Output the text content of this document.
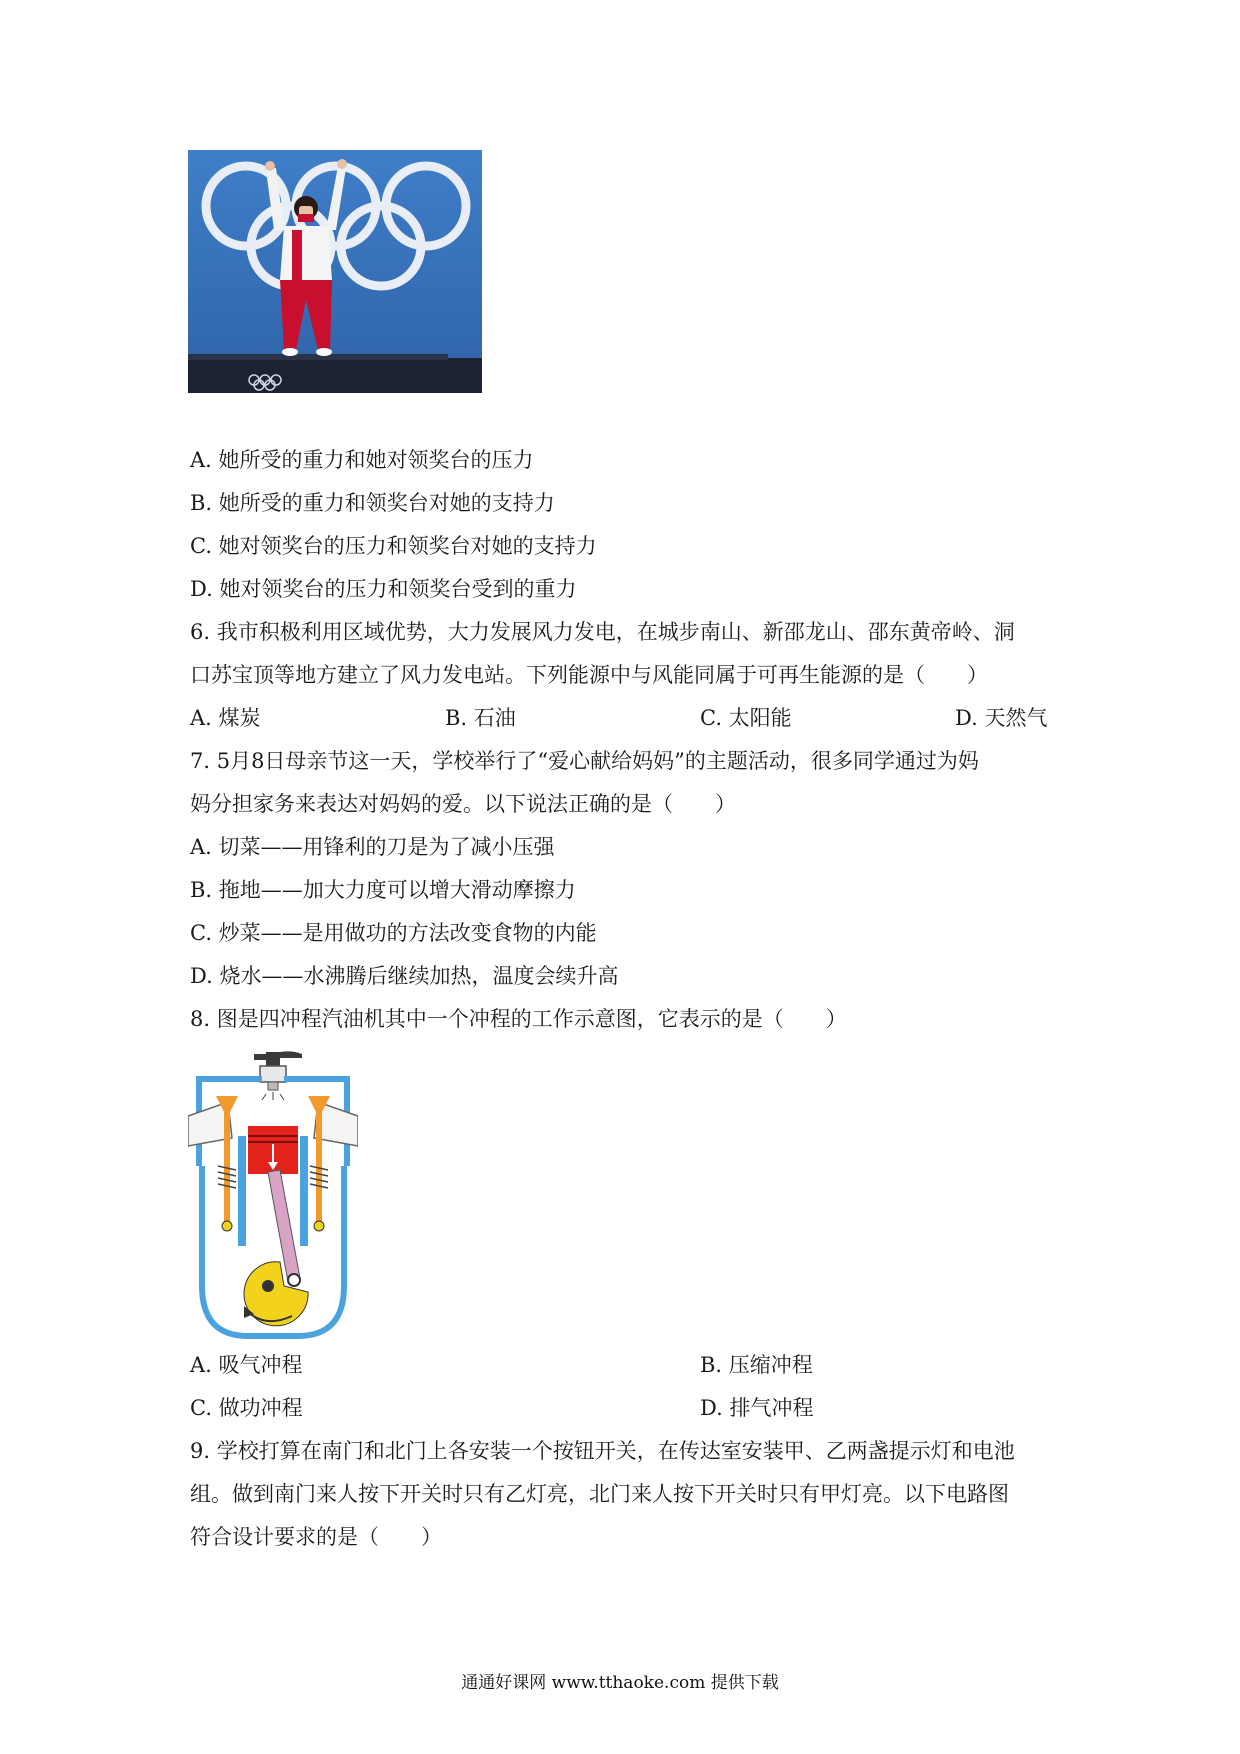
A. 她所受的重力和她对领奖台的压力
B. 她所受的重力和领奖台对她的支持力
C. 她对领奖台的压力和领奖台对她的支持力
D. 她对领奖台的压力和领奖台受到的重力
6. 我市积极利用区域优势，大力发展风力发电，在城步南山、新邵龙山、邵东黄帝岭、洞
口苏宝顶等地方建立了风力发电站。下列能源中与风能同属于可再生能源的是（　　）
A. 煤炭	B. 石油	C. 太阳能	D. 天然气
7. 5月8日母亲节这一天，学校举行了“爱心献给妈妈”的主题活动，很多同学通过为妈
妈分担家务来表达对妈妈的爱。以下说法正确的是（　　）
A. 切菜——用锋利的刀是为了减小压强
B. 拖地——加大力度可以增大滑动摩擦力
C. 炒菜——是用做功的方法改变食物的内能
D. 烧水——水沸腾后继续加热，温度会续升高
8. 图是四冲程汽油机其中一个冲程的工作示意图，它表示的是（　　）
A. 吸气冲程	B. 压缩冲程
C. 做功冲程	D. 排气冲程
9. 学校打算在南门和北门上各安装一个按钮开关，在传达室安装甲、乙两盏提示灯和电池
组。做到南门来人按下开关时只有乙灯亮，北门来人按下开关时只有甲灯亮。以下电路图
符合设计要求的是（　　）
通通好课网 www.tthaoke.com 提供下载
